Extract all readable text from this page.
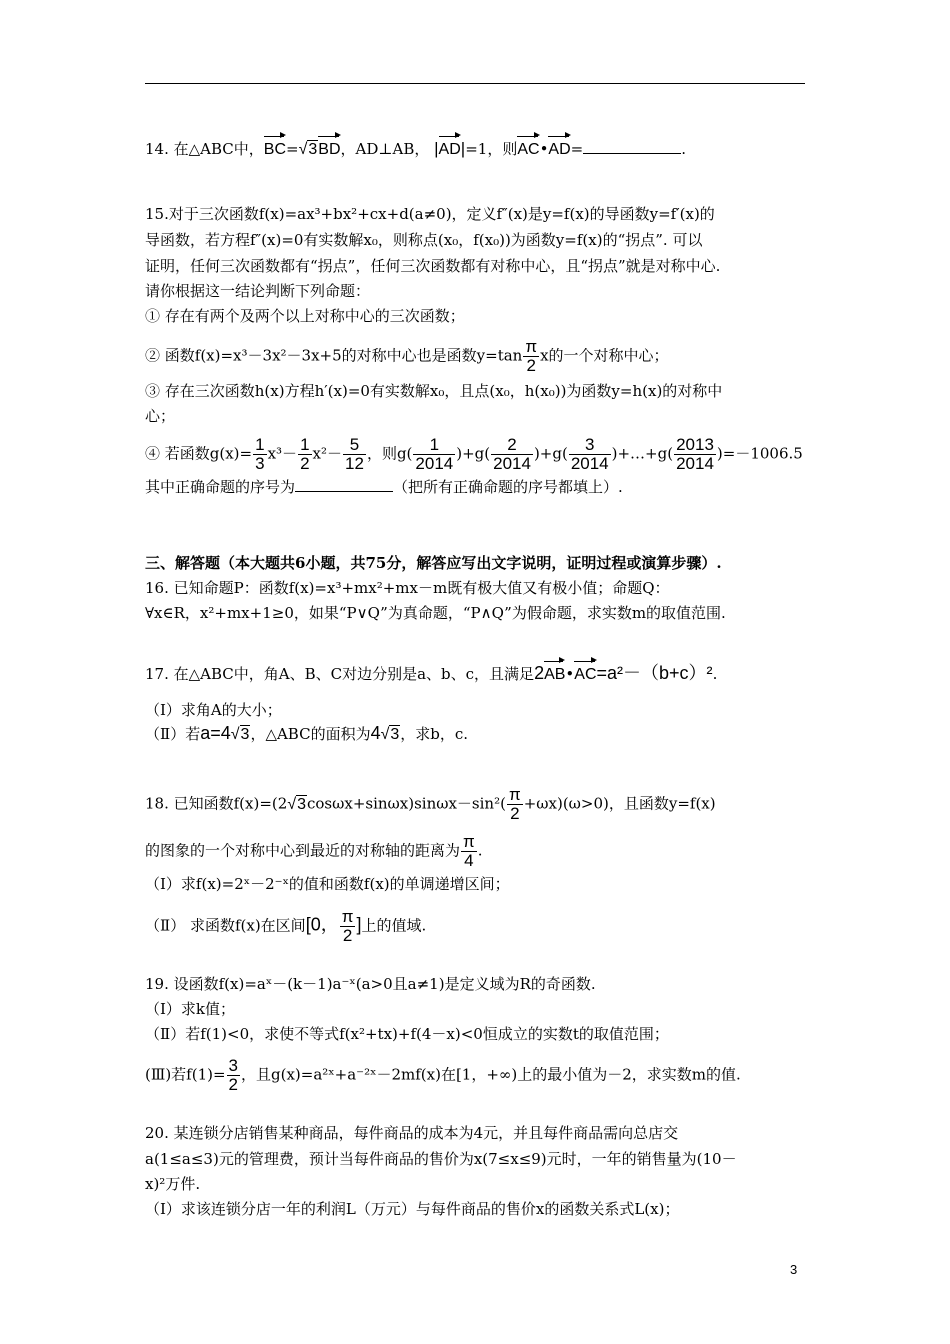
14. 在△ABC中，BC=√3BD，AD⊥AB， |AD|=1，则AC•AD=	.
15.对于三次函数f(x)=ax³+bx²+cx+d(a≠0)，定义f″(x)是y=f(x)的导函数y=f′(x)的
导函数，若方程f″(x)=0有实数解x₀，则称点(x₀，f(x₀))为函数y=f(x)的“拐点”. 可以
证明，任何三次函数都有“拐点”，任何三次函数都有对称中心，且“拐点”就是对称中心.
请你根据这一结论判断下列命题：
① 存在有两个及两个以上对称中心的三次函数；
② 函数f(x)=x³－3x²－3x+5的对称中心也是函数$y=\tan \frac{\pi}{2}$ x的一个对称中心；
③ 存在三次函数h(x)方程h′(x)=0有实数解x₀，且点(x₀，h(x₀))为函数y=h(x)的对称中
心；
④ 若函数$g(x)= \frac{1}{3} x^3- \frac{1}{2} x^2- \frac{5}{12}$ ，则$g( \frac{1}{2014} )+g( \frac{2}{2014} )+g( \frac{3}{2014}$ )+…+g( $\frac{2013}{2014} )=-1006.5$
其中正确命题的序号为	（把所有正确命题的序号都填上）.
三、解答题（本大题共6小题，共75分，解答应写出文字说明，证明过程或演算步骤）.
16. 已知命题P：函数f(x)=x³+mx²+mx－m既有极大值又有极小值；命题Q：
∀x∈R，x²+mx+1≥0，如果“P∨Q”为真命题，“P∧Q”为假命题，求实数m的取值范围.
17. 在△ABC中，角A、B、C对边分别是a、b、c，且满足2AB•AC=a²－（b+c）².
（Ⅰ）求角A的大小；
（Ⅱ）若a=4√3，△ABC的面积为4√3，求b，c.
18. 已知函数$f(x)=(2√3\cos\omega x+\sin\omega x)\sin\omega x-\sin^2( \frac{\pi}{2} +\omega x)(\omega>0)$，且函数y=f(x)
的图象的一个对称中心到最近的对称轴的距离为 $\frac{\pi}{4}$ .
（Ⅰ）求f(x)=2ˣ－2⁻ˣ的值和函数f(x)的单调递增区间；
（Ⅱ） 求函数f(x)在区间[0， $\frac{\pi}{2}$ ]上的值域.
19. 设函数f(x)=aˣ－(k－1)a⁻ˣ(a>0且a≠1)是定义域为R的奇函数.
（Ⅰ）求k值；
（Ⅱ）若f(1)<0，求使不等式f(x²+tx)+f(4－x)<0恒成立的实数t的取值范围；
(Ⅲ)若$f(1)= \frac{3}{2}$ ，且g(x)=a²ˣ+a⁻²ˣ－2mf(x)在[1，+∞)上的最小值为－2，求实数m的值.
20. 某连锁分店销售某种商品，每件商品的成本为4元，并且每件商品需向总店交
a(1≤a≤3)元的管理费，预计当每件商品的售价为x(7≤x≤9)元时，一年的销售量为(10－
x)²万件.
（Ⅰ）求该连锁分店一年的利润L（万元）与每件商品的售价x的函数关系式L(x)；
3
